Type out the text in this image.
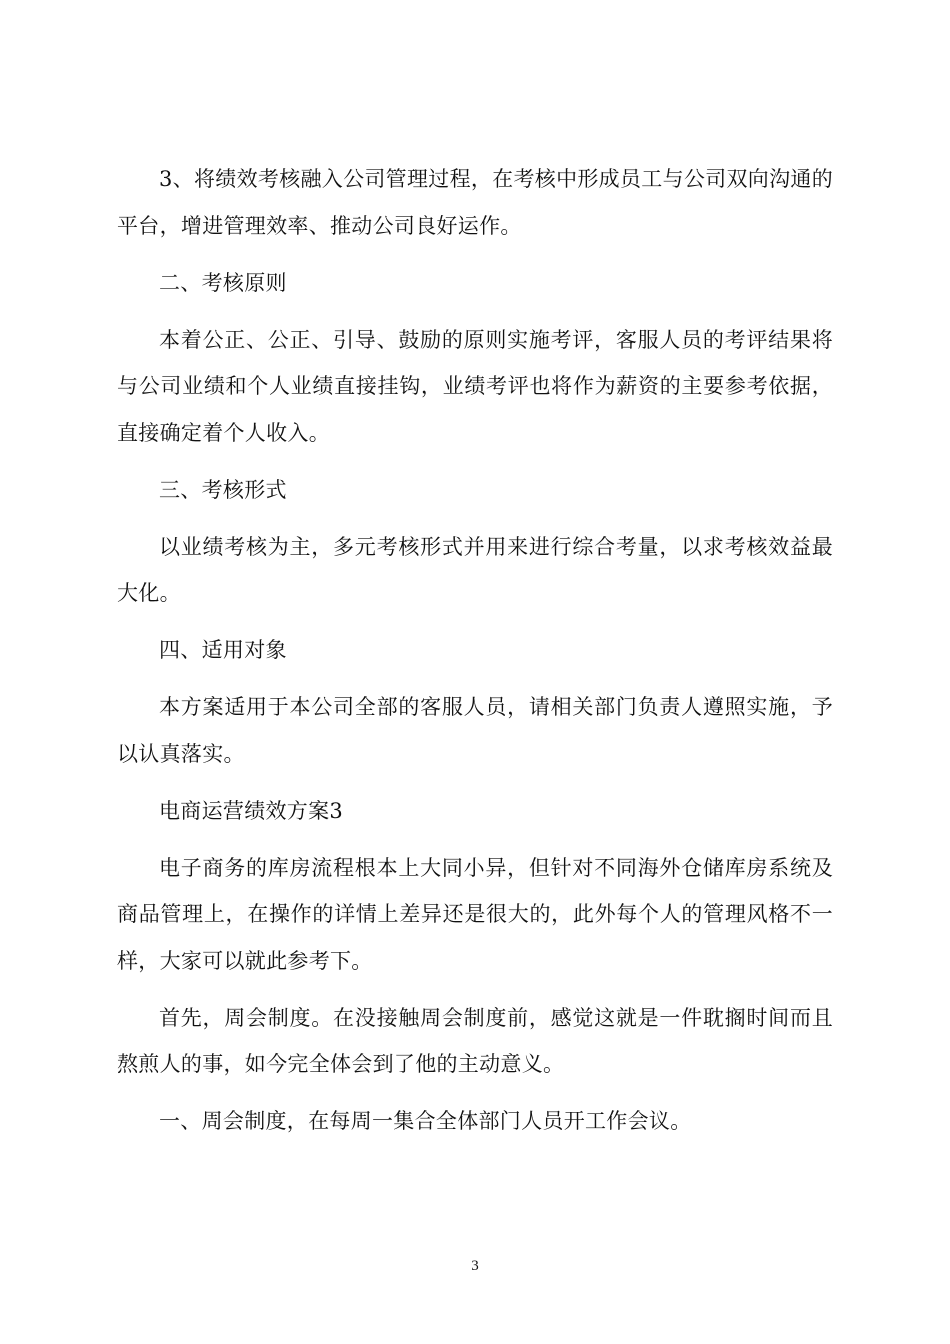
3、将绩效考核融入公司管理过程，在考核中形成员工与公司双向沟通的平台，增进管理效率、推动公司良好运作。

二、考核原则

本着公正、公正、引导、鼓励的原则实施考评，客服人员的考评结果将与公司业绩和个人业绩直接挂钩，业绩考评也将作为薪资的主要参考依据，直接确定着个人收入。

三、考核形式

以业绩考核为主，多元考核形式并用来进行综合考量，以求考核效益最大化。

四、适用对象

本方案适用于本公司全部的客服人员，请相关部门负责人遵照实施，予以认真落实。

电商运营绩效方案3

电子商务的库房流程根本上大同小异，但针对不同海外仓储库房系统及商品管理上，在操作的详情上差异还是很大的，此外每个人的管理风格不一样，大家可以就此参考下。

首先，周会制度。在没接触周会制度前，感觉这就是一件耽搁时间而且熬煎人的事，如今完全体会到了他的主动意义。

一、周会制度，在每周一集合全体部门人员开工作会议。

3
